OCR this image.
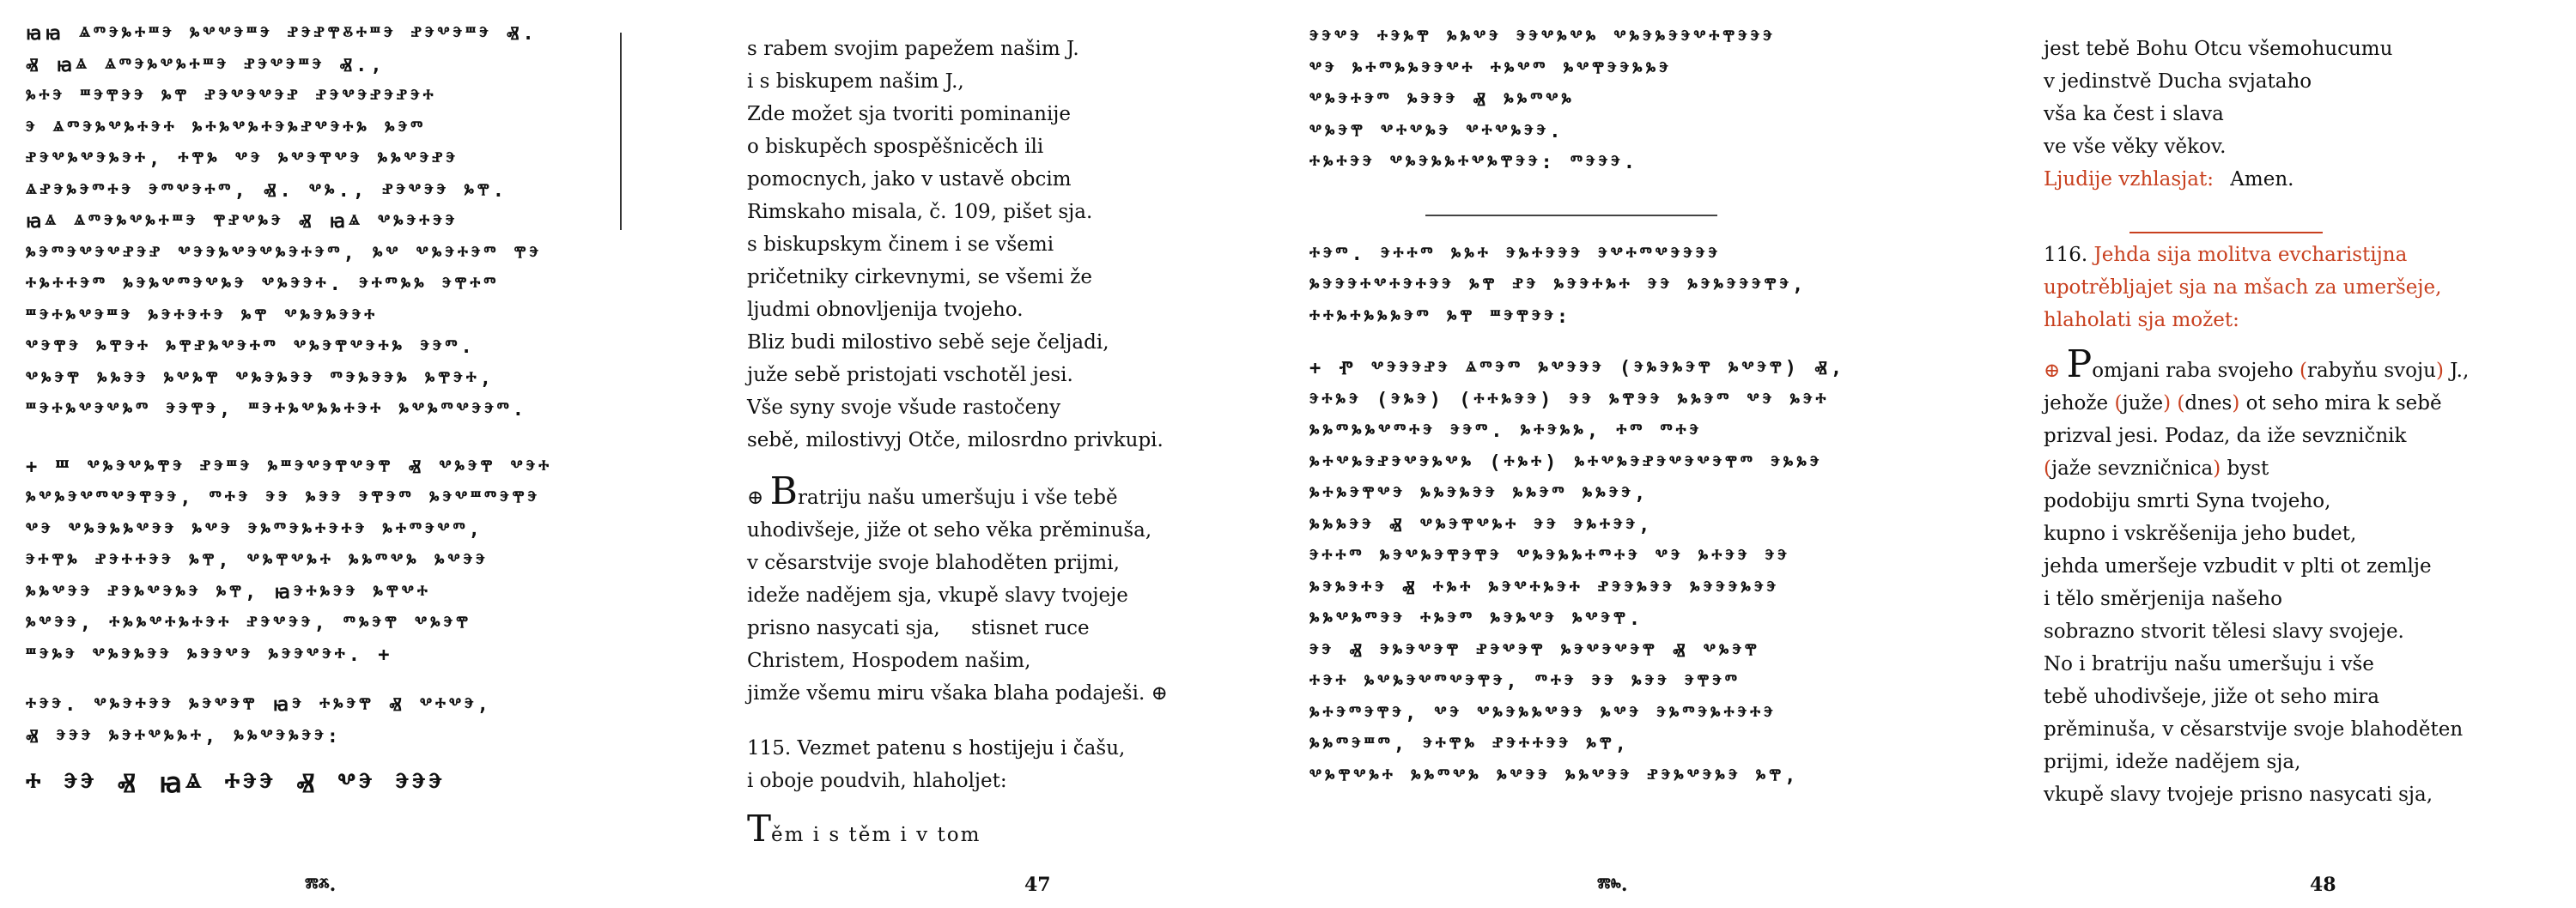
ꙗꙗ ⱑⱅⰵⰳⰰⱎⰵ ⰳⰲⰲⰵⱎⰵ ⱀⰵⱀⰹⰻⰰⱎⰵ ⱀⰵⰲⰵⱎⰵ Ⱏ.
Ⱏ ꙗⱑ ⱑⱅⰵⰳⰲⰳⰰⱎⰵ ⱀⰵⰲⰵⱎⰵ Ⱏ.,
ⰳⰰⰵ ⱎⰵⰹⰵⰵ ⰳⰹ ⱀⰵⰲⰵⰲⰵⱀ ⱀⰵⰲⰵⱀⰵⱀⰵⰰ
ⰵ ⱑⱅⰵⰳⰲⰳⰰⰵⰰ ⰳⰰⰳⰲⰳⰰⰵⰳⱀⰲⰵⰰⰳ ⰳⰵⱅ
ⱀⰵⰲⰳⰲⰵⰳⰵⰰ, ⰰⰹⰳ ⰲⰵ ⰳⰲⰵⰹⰲⰵ ⰳⰳⰲⰵⱀⰵ
ⱑⱀⰵⰳⰵⱅⰰⰵ ⰵⱅⰲⰵⰰⱅ, Ⱏ. ⰲⰳ., ⱀⰵⰲⰵⰵ ⰳⰹ.
ꙗⱑ ⱑⱅⰵⰳⰲⰳⰰⱎⰵ ⰹⱀⰲⰳⰵ Ⱏ ꙗⱑ ⰲⰳⰵⰰⰵⰵ
ⰳⰵⱅⰵⰲⰵⰲⱀⰵⱀ ⰲⰵⰵⰳⰲⰵⰲⰳⰵⰰⰵⱅ, ⰳⰲ ⰲⰳⰵⰰⰵⱅ ⰹⰵ
ⰰⰳⰰⰰⰵⱅ ⰳⰵⰳⰲⱅⰵⰲⰳⰵ ⰲⰳⰵⰵⰰ. ⰵⰰⱅⰳⰳ ⰵⰹⰰⱅ
ⱎⰵⰰⰳⰲⰵⱎⰵ ⰳⰵⰰⰵⰰⰵ ⰳⰹ ⰲⰳⰵⰳⰵⰵⰰ
ⰲⰵⰹⰵ ⰳⰹⰵⰰ ⰳⰹⱀⰳⰲⰵⰰⱅ ⰲⰳⰵⰹⰲⰵⰰⰳ ⰵⰵⱅ.
ⰲⰳⰵⰹ ⰳⰳⰵⰵ ⰳⰲⰳⰹ ⰲⰳⰵⰳⰵⰵ ⱅⰵⰳⰵⰵⰳ ⰳⰹⰵⰰ,
ⱎⰵⰰⰳⰲⰵⰲⰳⱅ ⰵⰵⰹⰵ, ⱎⰵⰰⰳⰲⰳⰳⰰⰵⰰ ⰳⰲⰳⱅⰲⰵⰵⱅ.
+ Ⱎ ⰲⰳⰵⰲⰳⰹⰵ ⱀⰵⱎⰵ ⰳⱎⰵⰲⰵⰹⰲⰵⰹ Ⱏ ⰲⰳⰵⰹ ⰲⰵⰰ
ⰳⰲⰳⰵⰲⱅⰲⰵⰹⰵⰵ, ⱅⰰⰵ ⰵⰵ ⰳⰵⰵ ⰵⰹⰵⱅ ⰳⰵⰲⱎⱅⰵⰹⰵ
ⰲⰵ ⰲⰳⰵⰳⰳⰲⰵⰵ ⰳⰲⰵ ⰵⰳⱅⰵⰳⰰⰵⰰⰵ ⰳⰰⱅⰵⰲⱅ,
ⰵⰰⰹⰳ ⱀⰵⰰⰰⰵⰵ ⰳⰹ, ⰲⰳⰹⰲⰳⰰ ⰳⰳⱅⰲⰳ ⰳⰲⰵⰵ
ⰳⰳⰲⰵⰵ ⱀⰵⰳⰲⰵⰳⰵ ⰳⰹ, ꙗⰵⰰⰳⰵⰵ ⰳⰹⰲⰰ
ⰳⰲⰵⰵ, ⰰⰳⰳⰲⰰⰳⰰⰵⰰ ⱀⰵⰲⰵⰵ, ⱅⰳⰵⰹ ⰲⰳⰵⰹ
ⱎⰵⰳⰵ ⰲⰳⰵⰳⰵⰵ ⰳⰵⰵⰲⰵ ⰳⰵⰵⰲⰵⰰ. +
ⰰⰵⰵ. ⰲⰳⰵⰰⰵⰵ ⰳⰵⰲⰵⰹ ꙗⰵ ⰰⰳⰵⰹ Ⱏ ⰲⰰⰲⰵ,
Ⱏ ⰵⰵⰵ ⰳⰵⰰⰲⰳⰳⰰ, ⰳⰳⰲⰵⰳⰵⰵ:
ⰰ ⰵⰵ Ⱏ ꙗⱑ ⰰⰵⰵ Ⱏ ⰲⰵ ⰵⰵⰵ
ⰿⰶ.
s rabem svojim papežem našim J.
i s biskupem našim J.,
Zde možet sja tvoriti pominanije
o biskupěch spospěšnicěch ili
pomocnych, jako v ustavě obcim
Rimskaho misala, č. 109, pišet sja.
s biskupskym činem i se všemi
pričetniky cirkevnymi, se všemi že
ljudmi obnovljenija tvojeho.
Bliz budi milostivo sebě seje čeljadi,
juže sebě pristojati vschotěl jesi.
Vše syny svoje všude rastočeny
sebě, milostivyj Otče, milosrdno privkupi.
⊕ Bratriju našu umeršuju i vše tebě
uhodivšeje, jiže ot seho věka prěminuša,
v cěsarstvije svoje blahoděten prijmi,
ideže nadějem sja, vkupě slavy tvojeje
prisno nasycati sja,     stisnet ruce
Christem, Hospodem našim,
jimže všemu miru všaka blaha podaješi. ⊕
115. Vezmet patenu s hostijeju i čašu,
i oboje poudvih, hlaholjet:
Těm i s těm i v tom
47
ⰵⰵⰲⰵ ⰰⰵⰳⰹ ⰳⰳⰲⰵ ⰵⰵⰲⰳⰲⰳ ⰲⰳⰵⰳⰵⰵⰲⰰⰹⰵⰵⰵ
ⰲⰵ ⰳⰰⱅⰳⰳⰵⰵⰲⰰ ⰰⰳⰲⱅ ⰳⰲⰹⰵⰵⰳⰳⰵ
ⰲⰳⰵⰰⰵⱅ ⰳⰵⰵⰵ Ⱏ ⰳⰳⱅⰲⰳ
ⰲⰳⰵⰹ ⰲⰰⰲⰳⰵ ⰲⰰⰲⰳⰵⰵ.
ⰰⰳⰰⰵⰵ ⰲⰳⰵⰳⰳⰰⰲⰳⰹⰵⰵ: ⱅⰵⰵⰵ.
ⰰⰵⱅ. ⰵⰰⰰⱅ ⰳⰳⰰ ⰵⰳⰰⰵⰵⰵ ⰵⰲⰰⱅⰲⰵⰵⰵⰵ
ⰳⰵⰵⰵⰰⰲⰰⰵⰰⰵⰵ ⰳⰹ ⱀⰵ ⰳⰵⰵⰰⰳⰰ ⰵⰵ ⰳⰵⰳⰵⰵⰵⰹⰵ,
ⰰⰰⰳⰰⰳⰳⰳⰵⱅ ⰳⰹ ⱎⰵⰹⰵⰵ:
+ Ⱂ ⰲⰵⰵⰵⱀⰵ ⱑⱅⰵⱅ ⰳⰲⰵⰵⰵ (ⰵⰳⰵⰳⰵⰹ ⰳⰲⰵⰹ) Ⱏ,
ⰵⰰⰳⰵ (ⰵⰳⰵ) (ⰰⰰⰳⰵⰵ) ⰵⰵ ⰳⰹⰵⰵ ⰳⰳⰵⱅ ⰲⰵ ⰳⰵⰰ
ⰳⰳⱅⰳⰳⰲⱅⰰⰵ ⰵⰵⱅ. ⰳⰰⰵⰳⰳ, ⰰⱅ ⱅⰰⰵ
ⰳⰰⰲⰳⰵⱀⰵⰲⰵⰳⰲⰳ (ⰰⰳⰰ) ⰳⰰⰲⰳⰵⱀⰵⰲⰵⰲⰵⰹⱅ ⰵⰳⰳⰵ
ⰳⰰⰳⰵⰹⰲⰵ ⰳⰳⰵⰳⰵⰵ ⰳⰳⰵⱅ ⰳⰳⰵⰵ,
ⰳⰳⰳⰵⰵ Ⱏ ⰲⰳⰵⰹⰲⰳⰰ ⰵⰵ ⰵⰳⰰⰵⰵ,
ⰵⰰⰰⱅ ⰳⰵⰲⰳⰵⰹⰵⰹⰵ ⰲⰳⰵⰳⰳⰰⱅⰰⰵ ⰲⰵ ⰳⰰⰵⰵ ⰵⰵ
ⰳⰵⰳⰵⰰⰵ Ⱏ ⰰⰳⰰ ⰳⰵⰲⰰⰳⰵⰰ ⱀⰵⰵⰳⰵⰵ ⰳⰵⰵⰵⰳⰵⰵ
ⰳⰳⰲⰳⱅⰵⰵ ⰰⰳⰵⱅ ⰳⰵⰳⰲⰵ ⰳⰲⰵⰹ.
ⰵⰵ Ⱏ ⰵⰳⰵⰲⰵⰹ ⱀⰵⰲⰵⰹ ⰳⰵⰲⰵⰲⰵⰹ Ⱏ ⰲⰳⰵⰹ
ⰰⰵⰰ ⰳⰲⰳⰵⰲⱅⰲⰵⰹⰵ, ⱅⰰⰵ ⰵⰵ ⰳⰵⰵ ⰵⰹⰵⱅ
ⰳⰰⰵⱅⰵⰹⰵ, ⰲⰵ ⰲⰳⰵⰳⰳⰲⰵⰵ ⰳⰲⰵ ⰵⰳⱅⰵⰳⰰⰵⰰⰵ
ⰳⰳⱅⰵⱎⱅ, ⰵⰰⰹⰳ ⱀⰵⰰⰰⰵⰵ ⰳⰹ,
ⰲⰳⰹⰲⰳⰰ ⰳⰳⱅⰲⰳ ⰳⰲⰵⰵ ⰳⰳⰲⰵⰵ ⱀⰵⰳⰲⰵⰳⰵ ⰳⰹ,
ⰿⰸ.
jest tebě Bohu Otcu všemohucumu
v jedinstvě Ducha svjataho
vša ka čest i slava
ve vše věky věkov.
Ljudije vzhlasjat: Amen.
116. Jehda sija molitva evcharistijna
upotrěbljajet sja na mšach za umeršeje,
hlaholati sja možet:
⊕ Pomjani raba svojeho (rabyňu svoju) J.,
jehože (juže) (dnes) ot seho mira k sebě
prizval jesi. Podaz, da iže sevzničnik
(jaže sevzničnica) byst
podobiju smrti Syna tvojeho,
kupno i vskrěšenija jeho budet,
jehda umeršeje vzbudit v plti ot zemlje
i tělo směrjenija našeho
sobrazno stvorit tělesi slavy svojeje.
No i bratriju našu umeršuju i vše
tebě uhodivšeje, jiže ot seho mira
prěminuša, v cěsarstvije svoje blahoděten
prijmi, ideže nadějem sja,
vkupě slavy tvojeje prisno nasycati sja,
48
